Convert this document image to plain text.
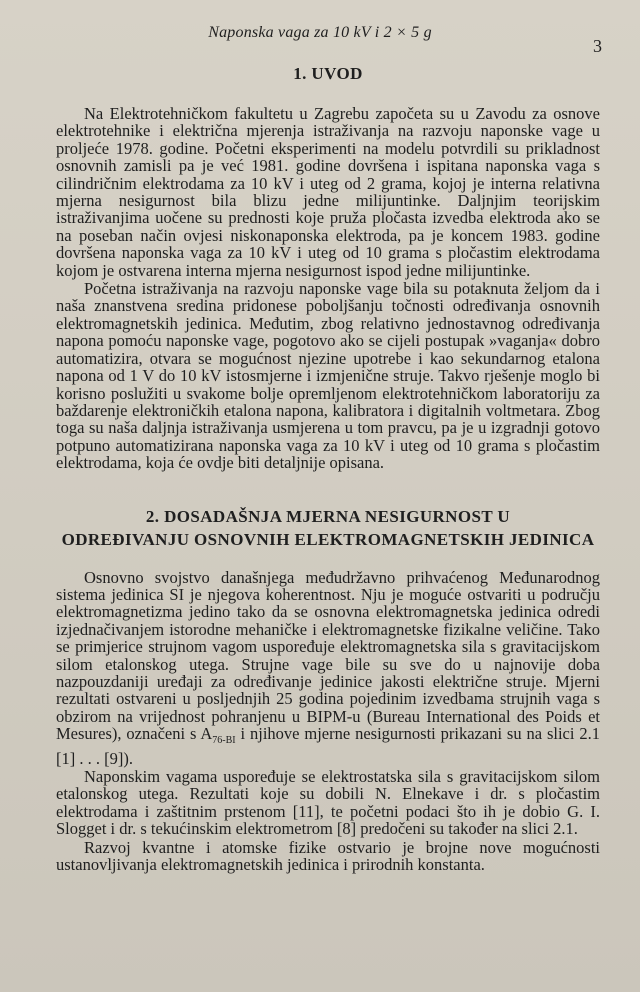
Naponska vaga za 10 kV i 2 × 5 g
3
1. UVOD

Na Elektrotehničkom fakultetu u Zagrebu započeta su u Zavodu za osnove elektrotehnike i električna mjerenja istraživanja na razvoju naponske vage u proljeće 1978. godine. Početni eksperimenti na modelu potvrdili su prikladnost osnovnih zamisli pa je već 1981. godine dovršena i ispitana naponska vaga s cilindričnim elektrodama za 10 kV i uteg od 2 grama, kojoj je interna relativna mjerna nesigurnost bila blizu jedne milijuntinke. Daljnjim teorijskim istraživanjima uočene su prednosti koje pruža pločasta izvedba elektroda ako se na poseban način ovjesi niskonaponska elektroda, pa je koncem 1983. godine dovršena naponska vaga za 10 kV i uteg od 10 grama s pločastim elektrodama kojom je ostvarena interna mjerna nesigurnost ispod jedne milijuntinke.

Početna istraživanja na razvoju naponske vage bila su potaknuta željom da i naša znanstvena sredina pridonese poboljšanju točnosti određivanja osnovnih elektromagnetskih jedinica. Međutim, zbog relativno jednostavnog određivanja napona pomoću naponske vage, pogotovo ako se cijeli postupak »vaganja« dobro automatizira, otvara se mogućnost njezine upotrebe i kao sekundarnog etalona napona od 1 V do 10 kV istosmjerne i izmjenične struje. Takvo rješenje moglo bi korisno poslužiti u svakome bolje opremljenom elektrotehničkom laboratoriju za baždarenje elektroničkih etalona napona, kalibratora i digitalnih voltmetara. Zbog toga su naša daljnja istraživanja usmjerena u tom pravcu, pa je u izgradnji gotovo potpuno automatizirana naponska vaga za 10 kV i uteg od 10 grama s pločastim elektrodama, koja će ovdje biti detaljnije opisana.

2. DOSADAŠNJA MJERNA NESIGURNOST U
ODREĐIVANJU OSNOVNIH ELEKTROMAGNETSKIH JEDINICA

Osnovno svojstvo današnjega međudržavno prihvaćenog Međunarodnog sistema jedinica SI je njegova koherentnost. Nju je moguće ostvariti u području elektromagnetizma jedino tako da se osnovna elektromagnetska jedinica odredi izjednačivanjem istorodne mehaničke i elektromagnetske fizikalne veličine. Tako se primjerice strujnom vagom uspoređuje elektromagnetska sila s gravitacijskom silom etalonskog utega. Strujne vage bile su sve do u najnovije doba nazpouzdaniji uređaji za određivanje jedinice jakosti električne struje. Mjerni rezultati ostvareni u posljednjih 25 godina pojedinim izvedbama strujnih vaga s obzirom na vrijednost pohranjenu u BIPM-u (Bureau International des Poids et Mesures), označeni s $A_{76-BI}$ i njihove mjerne nesigurnosti prikazani su na slici 2.1 [1] . . . [9]).

Naponskim vagama uspoređuje se elektrostatska sila s gravitacijskom silom etalonskog utega. Rezultati koje su dobili N. Elnekave i dr. s pločastim elektrodama i zaštitnim prstenom [11], te početni podaci što ih je dobio G. I. Slogget i dr. s tekućinskim elektrometrom [8] predočeni su također na slici 2.1.

Razvoj kvantne i atomske fizike ostvario je brojne nove mogućnosti ustanovljivanja elektromagnetskih jedinica i prirodnih konstanta.
